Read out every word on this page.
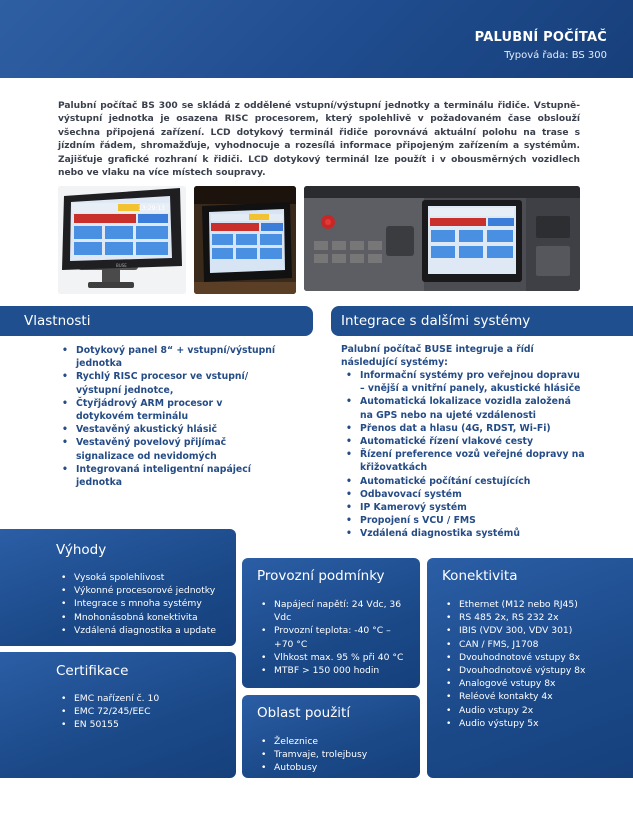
PALUBNÍ POČÍTAČ
Typová řada: BS 300

Palubní počítač BS 300 se skládá z oddělené vstupní/výstupní jednotky a terminálu řidiče. Vstupně-výstupní jednotka je osazena RISC procesorem, který spolehlivě v požadovaném čase obslouží všechna připojená zařízení. LCD dotykový terminál řidiče porovnává aktuální polohu na trase s jízdním řádem, shromažďuje, vyhodnocuje a rozesílá informace připojeným zařízením a systémům. Zajišťuje grafické rozhraní k řidiči. LCD dotykový terminál lze použít i v obousměrných vozidlech nebo ve vlaku na více místech soupravy.

13:29:13
BUSE
Vlastnosti	Integrace s dalšími systémy
• Dotykový panel 8“ + vstupní/výstupní jednotka
• Rychlý RISC procesor ve vstupní/ výstupní jednotce,
• Čtyřjádrový ARM procesor v dotykovém terminálu
• Vestavěný akustický hlásič
• Vestavěný povelový přijímač signalizace od nevidomých
• Integrovaná inteligentní napájecí jednotka
Palubní počítač BUSE integruje a řídí následující systémy:
• Informační systémy pro veřejnou dopravu – vnější a vnitřní panely, akustické hlásiče
• Automatická lokalizace vozidla založená na GPS nebo na ujeté vzdálenosti
• Přenos dat a hlasu (4G, RDST, Wi-Fi)
• Automatické řízení vlakové cesty
• Řízení preference vozů veřejné dopravy na křižovatkách
• Automatické počítání cestujících
• Odbavovací systém
• IP Kamerový systém
• Propojení s VCU / FMS
• Vzdálená diagnostika systémů
Výhody
• Vysoká spolehlivost
• Výkonné procesorové jednotky
• Integrace s mnoha systémy
• Mnohonásobná konektivita
• Vzdálená diagnostika a update
Certifikace
• EMC nařízení č. 10
• EMC 72/245/EEC
• EN 50155
Provozní podmínky
• Napájecí napětí: 24 Vdc, 36 Vdc
• Provozní teplota: -40 °C – +70 °C
• Vlhkost max. 95 % při 40 °C
• MTBF > 150 000 hodin
Oblast použití
• Železnice
• Tramvaje, trolejbusy
• Autobusy
Konektivita
• Ethernet (M12 nebo RJ45)
• RS 485 2x, RS 232 2x
• IBIS (VDV 300, VDV 301)
• CAN / FMS, J1708
• Dvouhodnotové vstupy 8x
• Dvouhodnotové výstupy 8x
• Analogové vstupy 8x
• Reléové kontakty 4x
• Audio vstupy 2x
• Audio výstupy 5x
